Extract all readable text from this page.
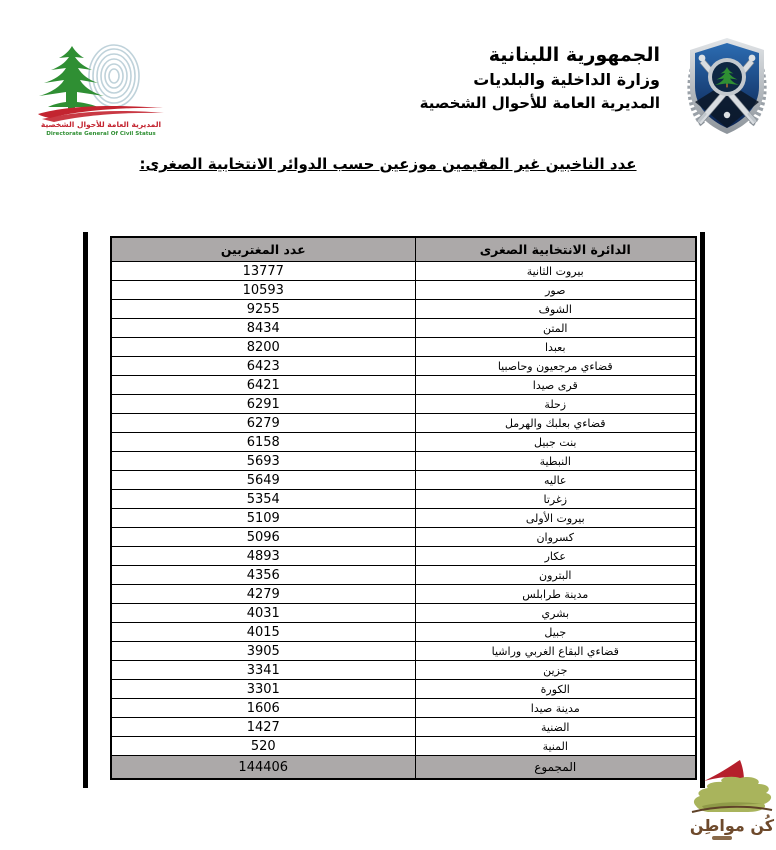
المديرية العامة للأحوال الشخصية
Directorate General Of Civil Status
الجمهورية اللبنانية
وزارة الداخلية والبلديات
المديرية العامة للأحوال الشخصية
عدد الناخبين غير المقيمين موزعين حسب الدوائر الانتخابية الصغرى:
الدائرة الانتخابية الصغرى	عدد المغتربين
بيروت الثانية	13777
صور	10593
الشوف	9255
المتن	8434
بعبدا	8200
قضاءي مرجعيون وحاصبيا	6423
قرى صيدا	6421
زحلة	6291
قضاءي بعلبك والهرمل	6279
بنت جبيل	6158
النبطية	5693
عاليه	5649
زغرتا	5354
بيروت الأولى	5109
كسروان	5096
عكار	4893
البترون	4356
مدينة طرابلس	4279
بشري	4031
جبيل	4015
قضاءي البقاع الغربي وراشيا	3905
جزين	3341
الكورة	3301
مدينة صيدا	1606
الضنية	1427
المنية	520
المجموع	144406
كُن مواطِن
